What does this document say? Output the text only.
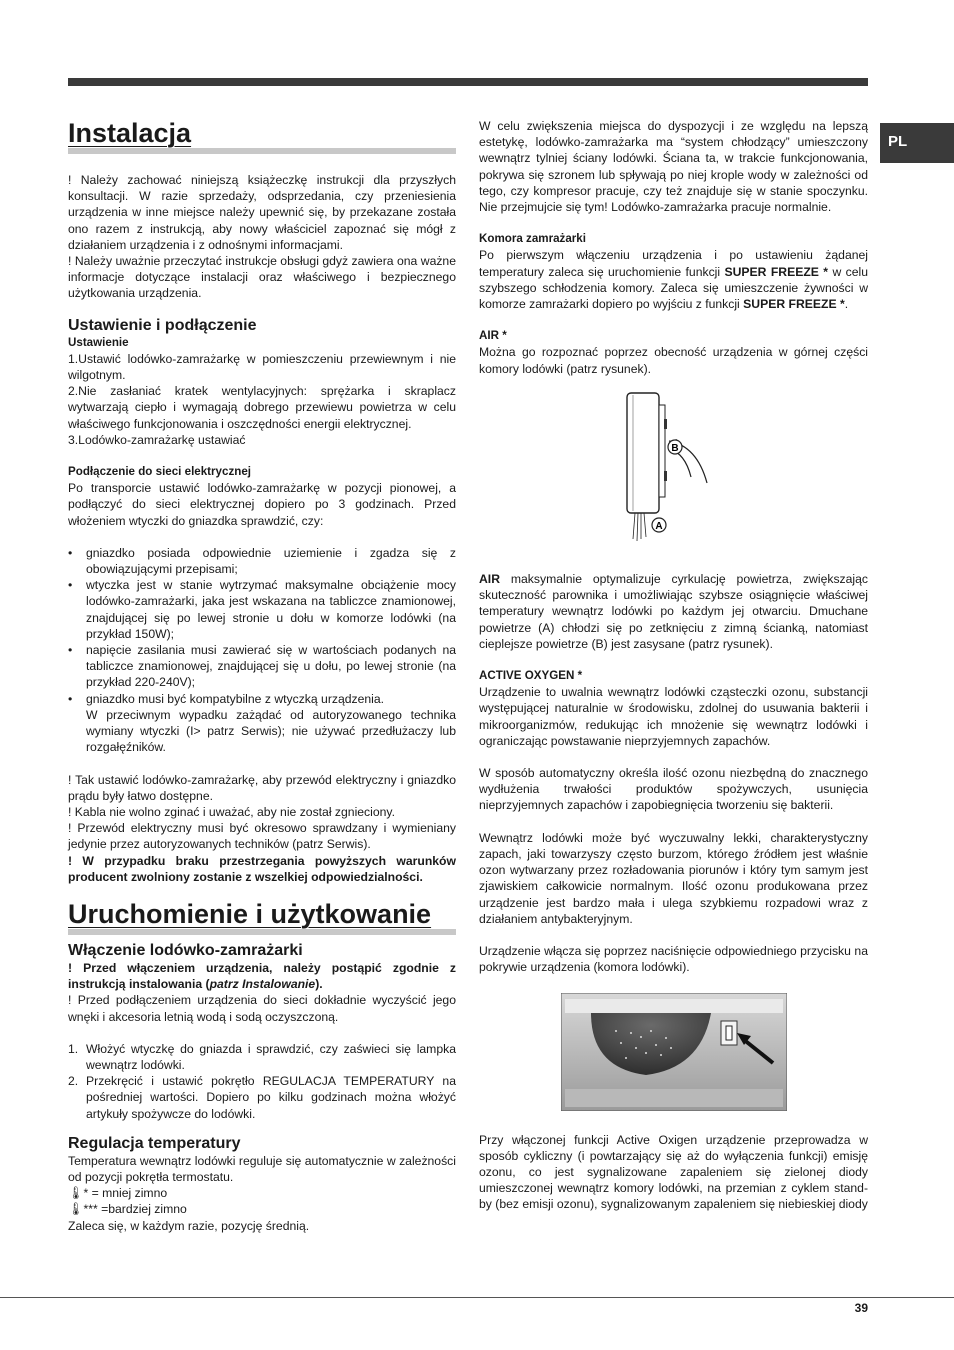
PL
Instalacja

! Należy zachować niniejszą książeczkę instrukcji dla przyszłych konsultacji. W razie sprzedaży, odsprzedania, czy przeniesienia urządzenia w inne miejsce należy upewnić się, by przekazane została ono razem z instrukcją, aby nowy właściciel zapoznać się mógł z działaniem urządzenia i z odnośnymi informacjami.

! Należy uważnie przeczytać instrukcje obsługi gdyż zawiera ona ważne informacje dotyczące instalacji oraz właściwego i bezpiecznego użytkowania urządzenia.

Ustawienie i podłączenie
Ustawienie

1.Ustawić lodówko-zamrażarkę w pomieszczeniu przewiewnym i nie wilgotnym.

2.Nie zasłaniać kratek wentylacyjnych: sprężarka i skraplacz wytwarzają ciepło i wymagają dobrego przewiewu powietrza w celu właściwego funkcjonowania i oszczędności energii elektrycznej.

3.Lodówko-zamrażarkę ustawiać

Podłączenie do sieci elektrycznej

Po transporcie ustawić lodówko-zamrażarkę w pozycji pionowej, a podłączyć do sieci elektrycznej dopiero po 3 godzinach. Przed włożeniem wtyczki do gniazdka sprawdzić, czy:

• gniazdko posiada odpowiednie uziemienie i zgadza się z obowiązującymi przepisami;
• wtyczka jest w stanie wytrzymać maksymalne obciążenie mocy lodówko-zamrażarki, jaka jest wskazana na tabliczce znamionowej, znajdującej się po lewej stronie u dołu w komorze lodówki (na przykład 150W);
• napięcie zasilania musi zawierać się w wartościach podanych na tabliczce znamionowej, znajdującej się u dołu, po lewej stronie (na przykład 220-240V);
• gniazdko musi być kompatybilne z wtyczką urządzenia.
W przeciwnym wypadku zażądać od autoryzowanego technika wymiany wtyczki (I> patrz Serwis); nie używać przedłużaczy lub rozgałęźników.

! Tak ustawić lodówko-zamrażarkę, aby przewód elektryczny i gniazdko prądu były łatwo dostępne.

! Kabla nie wolno zginać i uważać, aby nie został zgnieciony.

! Przewód elektryczny musi być okresowo sprawdzany i wymieniany jedynie przez autoryzowanych techników (patrz Serwis).

! W przypadku braku przestrzegania powyższych warunków producent zwolniony zostanie z wszelkiej odpowiedzialności.

Uruchomienie i użytkowanie
Włączenie lodówko-zamrażarki

! Przed włączeniem urządzenia, należy postąpić zgodnie z instrukcją instalowania (patrz Instalowanie).

! Przed podłączeniem urządzenia do sieci dokładnie wyczyścić jego wnęki i akcesoria letnią wodą i sodą oczyszczoną.

1. Włożyć wtyczkę do gniazda i sprawdzić, czy zaświeci się lampka wewnątrz lodówki.
2. Przekręcić i ustawić pokrętło REGULACJA TEMPERATURY na pośredniej wartości. Dopiero po kilku godzinach można włożyć artykuły spożywcze do lodówki.
Regulacja temperatury

Temperatura wewnątrz lodówki reguluje się automatycznie w zależności od pozycji pokrętła termostatu.

🌡* = mniej zimno

🌡*** =bardziej zimno

Zaleca się, w każdym razie, pozycję średnią.

W celu zwiększenia miejsca do dyspozycji i ze względu na lepszą estetykę, lodówko-zamrażarka ma “system chłodzący” umieszczony wewnątrz tylniej ściany lodówki. Ściana ta, w trakcie funkcjonowania, pokrywa się szronem lub spływają po niej krople wody w zależności od tego, czy kompresor pracuje, czy też znajduje się w stanie spoczynku. Nie przejmujcie się tym! Lodówko-zamrażarka pracuje normalnie.

Komora zamrażarki

Po pierwszym włączeniu urządzenia i po ustawieniu żądanej temperatury zaleca się uruchomienie funkcji SUPER FREEZE * w celu szybszego schłodzenia komory. Zaleca się umieszczenie żywności w komorze zamrażarki dopiero po wyjściu z funkcji SUPER FREEZE *.

AIR *

Można go rozpoznać poprzez obecność urządzenia w górnej części komory lodówki (patrz rysunek).

B
A

AIR maksymalnie optymalizuje cyrkulację powietrza, zwiększając skuteczność parownika i umożliwiając szybsze osiągnięcie właściwej temperatury wewnątrz lodówki po każdym jej otwarciu. Dmuchane powietrze (A) chłodzi się po zetknięciu z zimną ścianką, natomiast cieplejsze powietrze (B) jest zasysane (patrz rysunek).

ACTIVE OXYGEN *

Urządzenie to uwalnia wewnątrz lodówki cząsteczki ozonu, substancji występującej naturalnie w środowisku, zdolnej do usuwania bakterii i mikroorganizmów, redukując ich mnożenie się wewnątrz lodówki i ograniczając powstawanie nieprzyjemnych zapachów.

W sposób automatyczny określa ilość ozonu niezbędną do znacznego wydłużenia trwałości produktów spożywczych, usunięcia nieprzyjemnych zapachów i zapobiegnięcia tworzeniu się bakterii.

Wewnątrz lodówki może być wyczuwalny lekki, charakterystyczny zapach, jaki towarzyszy często burzom, którego źródłem jest właśnie ozon wytwarzany przez rozładowania piorunów i który tym samym jest zjawiskiem całkowicie normalnym. Ilość ozonu produkowana przez urządzenie jest bardzo mała i ulega szybkiemu rozpadowi wraz z działaniem antybakteryjnym.

Urządzenie włącza się poprzez naciśnięcie odpowiedniego przycisku na pokrywie urządzenia (komora lodówki).

Przy włączonej funkcji Active Oxigen urządzenie przeprowadza w sposób cykliczny (i powtarzający się aż do wyłączenia funkcji) emisję ozonu, co jest sygnalizowane zapaleniem się zielonej diody umieszczonej wewnątrz komory lodówki, na przemian z cyklem stand-by (bez emisji ozonu), sygnalizowanym zapaleniem się niebieskiej diody

39
